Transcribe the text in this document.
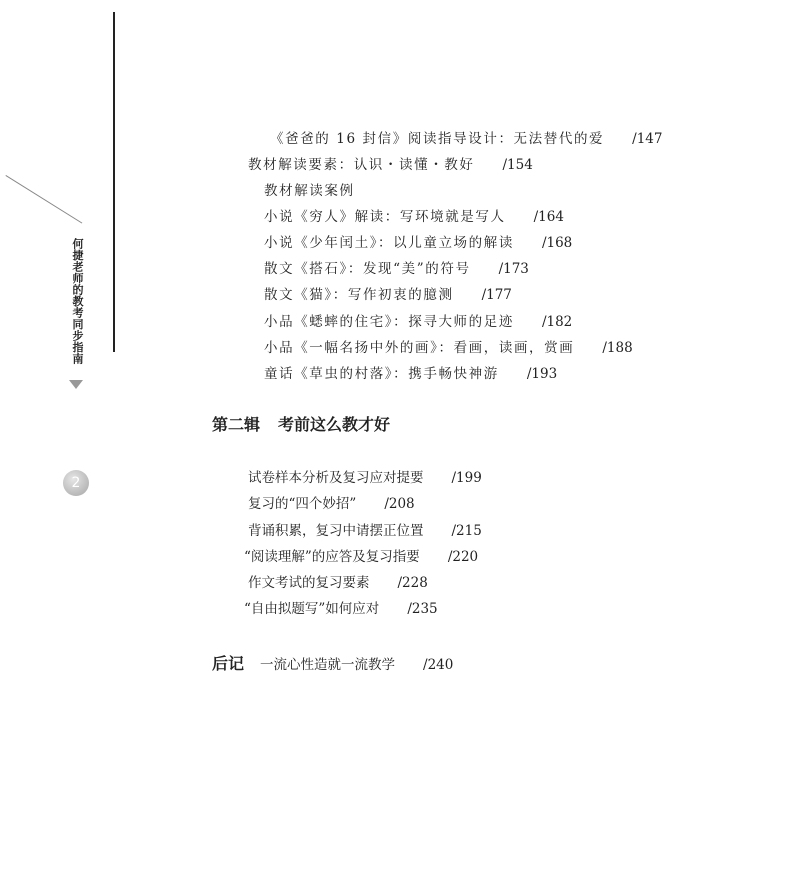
何捷老师的教考同步指南
2
《爸爸的 16 封信》阅读指导设计：无法替代的爱 /147
教材解读要素：认识・读懂・教好 /154
教材解读案例
小说《穷人》解读：写环境就是写人 /164
小说《少年闰土》：以儿童立场的解读 /168
散文《搭石》：发现“美”的符号 /173
散文《猫》：写作初衷的臆测 /177
小品《蟋蟀的住宅》：探寻大师的足迹 /182
小品《一幅名扬中外的画》：看画，读画，赏画 /188
童话《草虫的村落》：携手畅快神游 /193
第二辑 考前这么教才好
试卷样本分析及复习应对提要 /199
复习的“四个妙招” /208
背诵积累，复习中请摆正位置 /215
“阅读理解”的应答及复习指要 /220
作文考试的复习要素 /228
“自由拟题写”如何应对 /235
后记 一流心性造就一流教学 /240
